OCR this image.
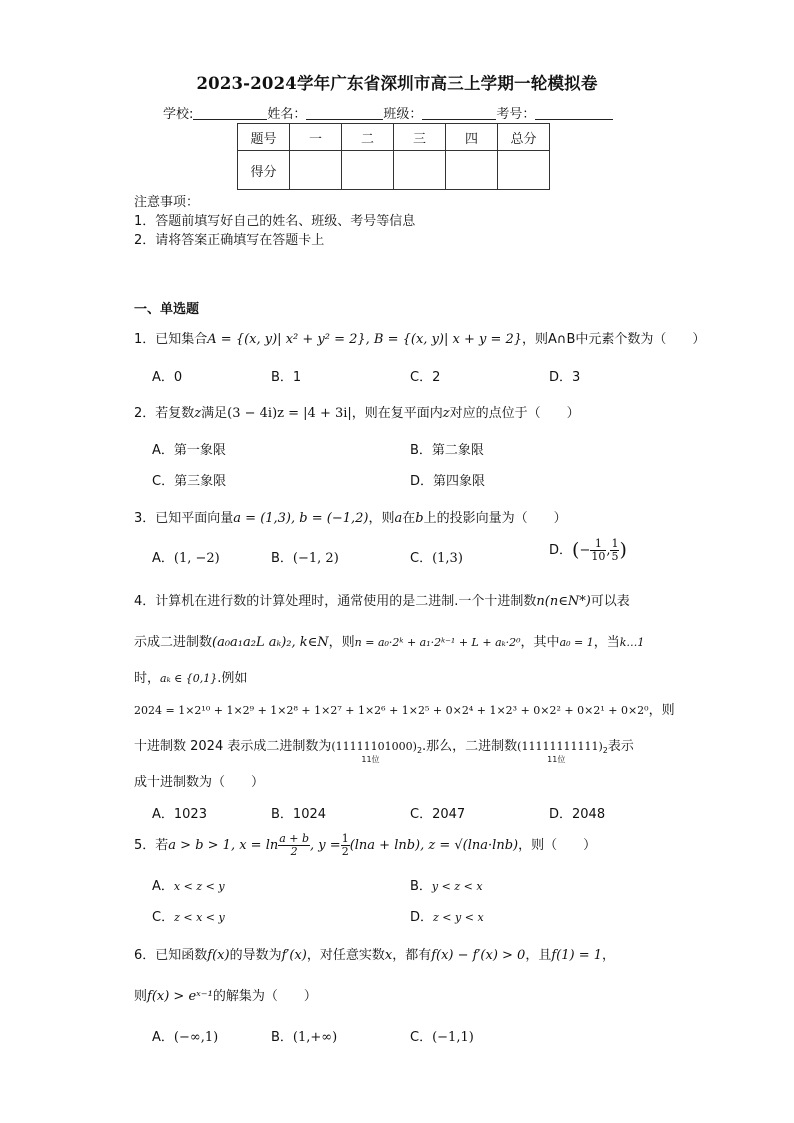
2023-2024学年广东省深圳市高三上学期一轮模拟卷
学校:	姓名：	班级：	考号：
题号	一	二	三	四	总分
得分					
注意事项：
1．答题前填写好自己的姓名、班级、考号等信息
2．请将答案正确填写在答题卡上
一、单选题
1．已知集合A = {(x, y)| x² + y² = 2}, B = {(x, y)| x + y = 2}，则A∩B中元素个数为（　　）
A．0	B．1	C．2	D．3
2．若复数z满足(3 − 4i)z = |4 + 3i|，则在复平面内z对应的点位于（　　）
A．第一象限	B．第二象限
C．第三象限	D．第四象限
3．已知平面向量a = (1,3), b = (−1,2)，则a在b上的投影向量为（　　）
A．(1, −2)	B．(−1, 2)	C．(1,3)
D．(− $\frac{1}{10}$ , $\frac{1}{5}$ )
4．计算机在进行数的计算处理时，通常使用的是二进制.一个十进制数n(n∈N*)可以表
示成二进制数(a₀a₁a₂L aₖ)₂, k∈N，则n = a₀·2ᵏ + a₁·2ᵏ⁻¹ + L + aₖ·2⁰，其中a₀ = 1，当k…1
时，aₖ ∈ {0,1}.例如
2024 = 1×2¹⁰ + 1×2⁹ + 1×2⁸ + 1×2⁷ + 1×2⁶ + 1×2⁵ + 0×2⁴ + 1×2³ + 0×2² + 0×2¹ + 0×2⁰，则
十进制数 2024 表示成二进制数为$(11111101000)_2$
11位
.那么，二进制数$(11111111111)_2$
11位
表示
成十进制数为（　　）
A．1023	B．1024	C．2047	D．2048
5．若a > b > 1, $x = \ln \frac{a + b}{2}$ , $y = \frac{1}{2} (\ln a + \ln b)$, z = √(lna·lnb)，则（　　）
A．x < z < y	B．y < z < x
C．z < x < y	D．z < y < x
6．已知函数f(x)的导数为f′(x)，对任意实数x，都有f(x) − f′(x) > 0，且f(1) = 1，
则f(x) > eˣ⁻¹的解集为（　　）
A．(−∞,1)	B．(1,+∞)	C．(−1,1)
